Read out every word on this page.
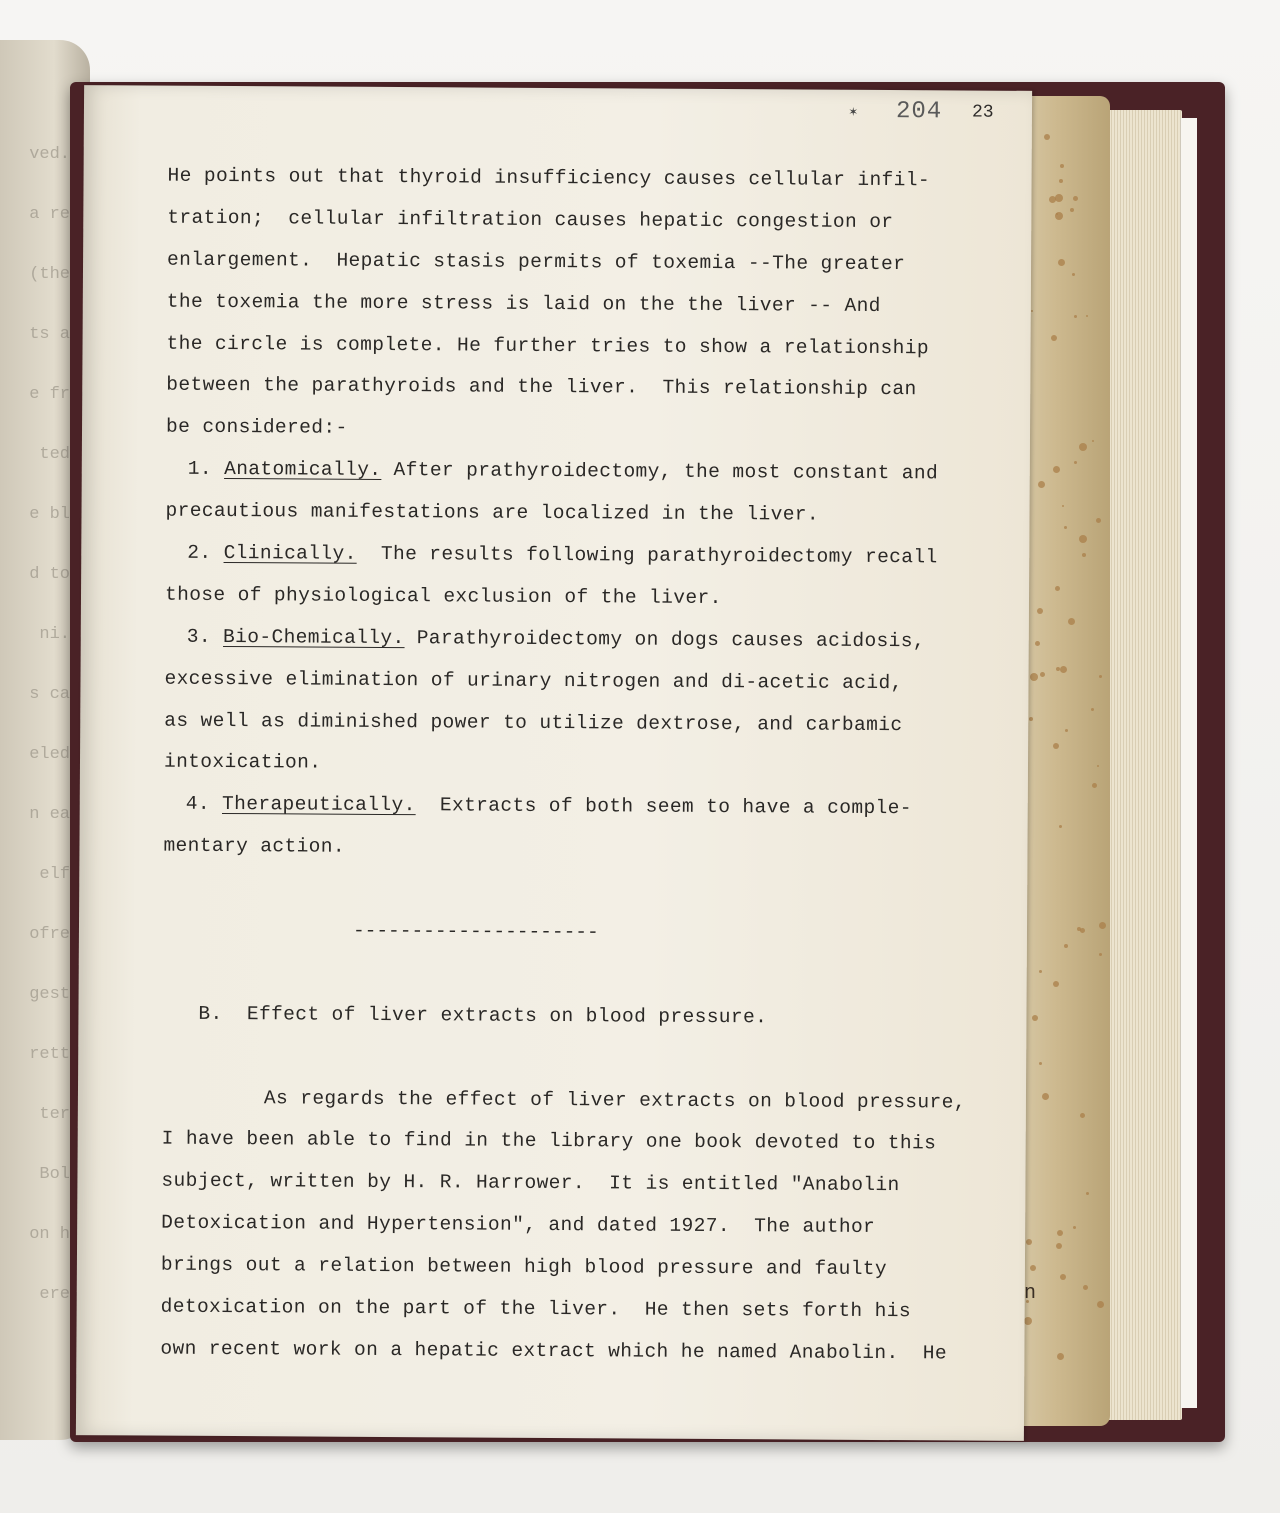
ved.
a re
(the
ts a
e fr
ted
e bl
d to
ni.
s ca
eled
n ea
elf
ofre
gest
rett
ter
Bol
on h
ere	n
✶ 204 23
He points out that thyroid insufficiency causes cellular infil-
tration;  cellular infiltration causes hepatic congestion or
enlargement.  Hepatic stasis permits of toxemia --The greater
the toxemia the more stress is laid on the the liver -- And
the circle is complete. He further tries to show a relationship
between the parathyroids and the liver.  This relationship can
be considered:-
1. Anatomically. After prathyroidectomy, the most constant and
precautious manifestations are localized in the liver.
2. Clinically.  The results following parathyroidectomy recall
those of physiological exclusion of the liver.
3. Bio-Chemically. Parathyroidectomy on dogs causes acidosis,
excessive elimination of urinary nitrogen and di-acetic acid,
as well as diminished power to utilize dextrose, and carbamic
intoxication.
4. Therapeutically.  Extracts of both seem to have a comple-
mentary action.
---------------------
B.  Effect of liver extracts on blood pressure.
As regards the effect of liver extracts on blood pressure,
I have been able to find in the library one book devoted to this
subject, written by H. R. Harrower.  It is entitled "Anabolin
Detoxication and Hypertension", and dated 1927.  The author
brings out a relation between high blood pressure and faulty
detoxication on the part of the liver.  He then sets forth his
own recent work on a hepatic extract which he named Anabolin.  He
